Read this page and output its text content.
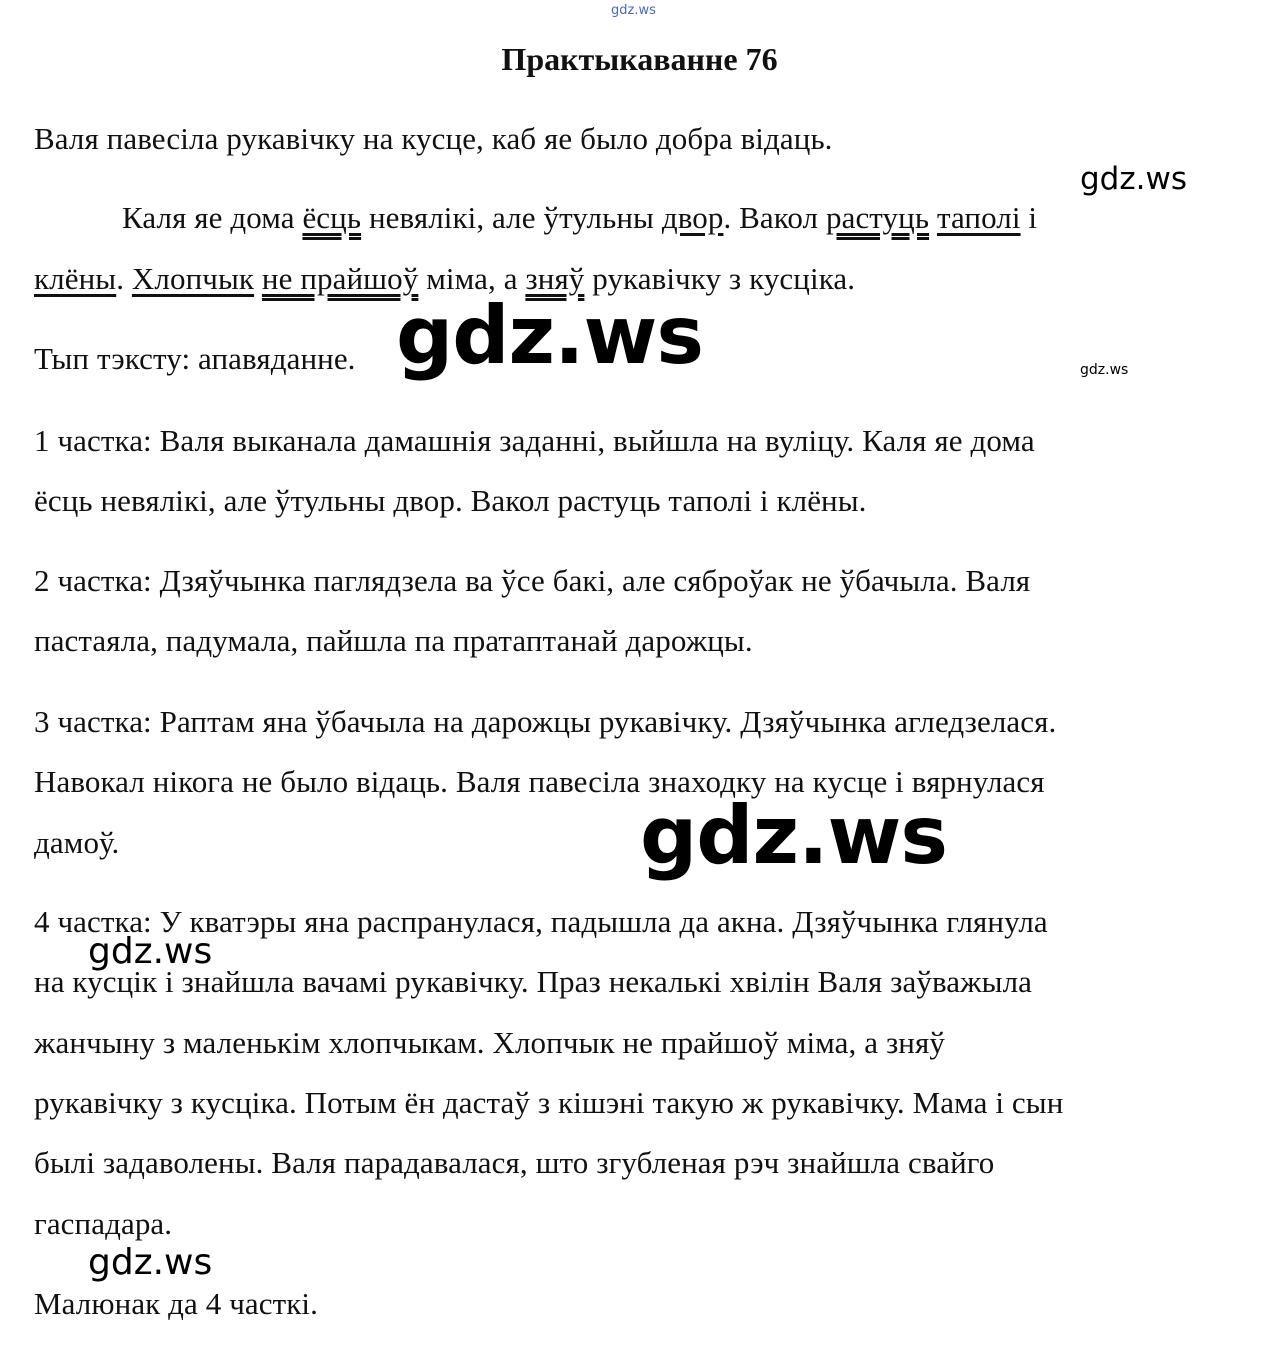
gdz.ws
Практыкаванне 76
Валя павесіла рукавічку на кусце, каб яе было добра відаць.
gdz.ws
Каля яе дома ёсць невялікі, але ўтульны двор. Вакол растуць таполі і
клёны. Хлопчык не прайшоў міма, а зняў рукавічку з кусціка.
Тып тэксту: апавяданне. gdz.ws	gdz.ws
1 частка: Валя выканала дамашнія заданні, выйшла на вуліцу. Каля яе дома
ёсць невялікі, але ўтульны двор. Вакол растуць таполі і клёны.
2 частка: Дзяўчынка паглядзела ва ўсе бакі, але сяброўак не ўбачыла. Валя
пастаяла, падумала, пайшла па пратаптанай дарожцы.
3 частка: Раптам яна ўбачыла на дарожцы рукавічку. Дзяўчынка агледзелася.
Навокал нікога не было відаць. Валя павесіла знаходку на кусце і вярнулася
дамоў.	gdz.ws
4 частка: У кватэры яна распранулася, падышла да акна. Дзяўчынка глянула
на кусцік і знайшла вачамі рукавічку. Праз некалькі хвілін Валя заўважыла
жанчыну з маленькім хлопчыкам. Хлопчык не прайшоў міма, а зняў
рукавічку з кусціка. Потым ён дастаў з кішэні такую ж рукавічку. Мама і сын
былі задаволены. Валя парадавалася, што згубленая рэч знайшла свайго
гаспадара.
gdz.ws
gdz.ws
Малюнак да 4 часткі.
